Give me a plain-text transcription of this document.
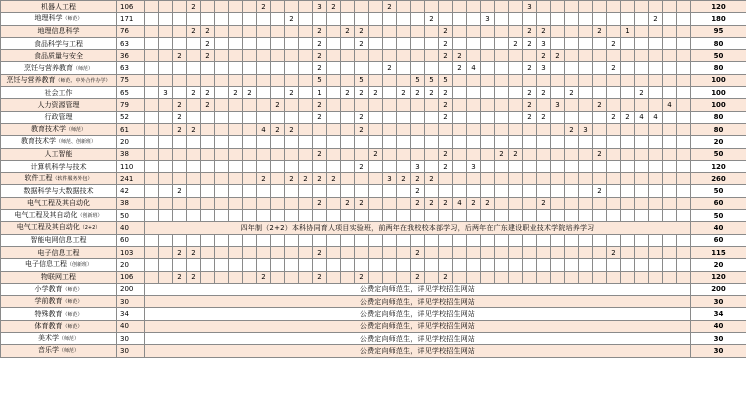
机器人工程	106				2					2				3	2				2										3												120
地理科学（师范）	171											2										2				3												2			180
地理信息科学	76				2	2								2		2	2						2						2	2				2		1					95
食品科学与工程	63					2								2			2						2					2	2	3					2						80
食品质量与安全	36			2		2								2									2	2						2	2										50
烹饪与营养教育（师范）	63													2					2					2	4				2	3					2						80
烹饪与营养教育（师范、中外合作办学）	75													5			5				5	5	5																		100
社会工作	65		3		2	2		2	2			2		1		2	2	2		2	2	2	2						2	2		2					2				100
人力资源管理	79			2		2					2			2									2						2		3			2					4		100
行政管理	52			2										2			2						2						2	2					2	2	4	4			80
教育技术学（师范）	61			2	2					4	2	2					2															2	3								80
教育技术学（师范、创新班）	20																																								20
人工智能	38													2				2					2				2	2						2							50
计算机科学与技术	110																2				3		2		3																120
软件工程（软件服务外包）	241									2		2	2	2	2				3	2	2	2																			260
数据科学与大数据技术	42			2																	2													2							50
电气工程及其自动化	38													2		2	2				2	2	2	4	2	2				2											60
电气工程及其自动化（创新班）	50																																								50
电气工程及其自动化（2+2）	40	四年制（2+2）本科协同育人项目实验班，前两年在我校校本部学习，后两年在广东建设职业技术学院培养学习																																							40
智能电网信息工程	60																																								60
电子信息工程	103			2	2									2							2														2						115
电子信息工程（创新班）	20																																								20
物联网工程	106			2	2					2				2			2				2		2																		120
小学教育（师范）	200	公费定向师范生，详见学校招生网站																																							200
学前教育（师范）	30	公费定向师范生，详见学校招生网站																																							30
特殊教育（师范）	34	公费定向师范生，详见学校招生网站																																							34
体育教育（师范）	40	公费定向师范生，详见学校招生网站																																							40
美术学（师范）	30	公费定向师范生，详见学校招生网站																																							30
音乐学（师范）	30	公费定向师范生，详见学校招生网站																																							30
